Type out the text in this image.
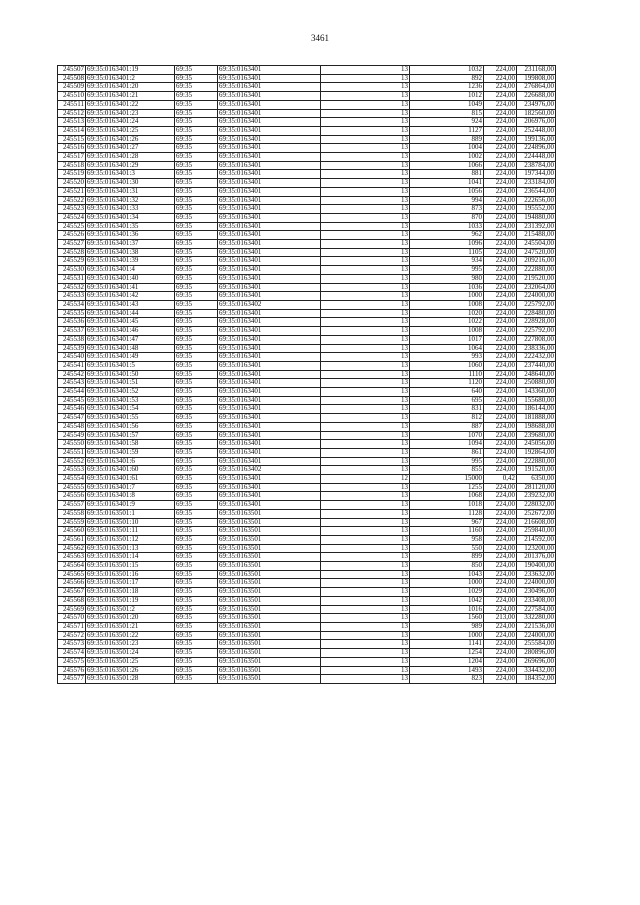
3461
245507	69:35:0163401:19	69:35	69:35:0163401	13	1032	224,00	231168,00
245508	69:35:0163401:2	69:35	69:35:0163401	13	892	224,00	199808,00
245509	69:35:0163401:20	69:35	69:35:0163401	13	1236	224,00	276864,00
245510	69:35:0163401:21	69:35	69:35:0163401	13	1012	224,00	226688,00
245511	69:35:0163401:22	69:35	69:35:0163401	13	1049	224,00	234976,00
245512	69:35:0163401:23	69:35	69:35:0163401	13	815	224,00	182560,00
245513	69:35:0163401:24	69:35	69:35:0163401	13	924	224,00	206976,00
245514	69:35:0163401:25	69:35	69:35:0163401	13	1127	224,00	252448,00
245515	69:35:0163401:26	69:35	69:35:0163401	13	889	224,00	199136,00
245516	69:35:0163401:27	69:35	69:35:0163401	13	1004	224,00	224896,00
245517	69:35:0163401:28	69:35	69:35:0163401	13	1002	224,00	224448,00
245518	69:35:0163401:29	69:35	69:35:0163401	13	1066	224,00	238784,00
245519	69:35:0163401:3	69:35	69:35:0163401	13	881	224,00	197344,00
245520	69:35:0163401:30	69:35	69:35:0163401	13	1041	224,00	233184,00
245521	69:35:0163401:31	69:35	69:35:0163401	13	1056	224,00	236544,00
245522	69:35:0163401:32	69:35	69:35:0163401	13	994	224,00	222656,00
245523	69:35:0163401:33	69:35	69:35:0163401	13	873	224,00	195552,00
245524	69:35:0163401:34	69:35	69:35:0163401	13	870	224,00	194880,00
245525	69:35:0163401:35	69:35	69:35:0163401	13	1033	224,00	231392,00
245526	69:35:0163401:36	69:35	69:35:0163401	13	962	224,00	215488,00
245527	69:35:0163401:37	69:35	69:35:0163401	13	1096	224,00	245504,00
245528	69:35:0163401:38	69:35	69:35:0163401	13	1105	224,00	247520,00
245529	69:35:0163401:39	69:35	69:35:0163401	13	934	224,00	209216,00
245530	69:35:0163401:4	69:35	69:35:0163401	13	995	224,00	222880,00
245531	69:35:0163401:40	69:35	69:35:0163401	13	980	224,00	219520,00
245532	69:35:0163401:41	69:35	69:35:0163401	13	1036	224,00	232064,00
245533	69:35:0163401:42	69:35	69:35:0163401	13	1000	224,00	224000,00
245534	69:35:0163401:43	69:35	69:35:0163402	13	1008	224,00	225792,00
245535	69:35:0163401:44	69:35	69:35:0163401	13	1020	224,00	228480,00
245536	69:35:0163401:45	69:35	69:35:0163401	13	1022	224,00	228928,00
245537	69:35:0163401:46	69:35	69:35:0163401	13	1008	224,00	225792,00
245538	69:35:0163401:47	69:35	69:35:0163401	13	1017	224,00	227808,00
245539	69:35:0163401:48	69:35	69:35:0163401	13	1064	224,00	238336,00
245540	69:35:0163401:49	69:35	69:35:0163401	13	993	224,00	222432,00
245541	69:35:0163401:5	69:35	69:35:0163401	13	1060	224,00	237440,00
245542	69:35:0163401:50	69:35	69:35:0163401	13	1110	224,00	248640,00
245543	69:35:0163401:51	69:35	69:35:0163401	13	1120	224,00	250880,00
245544	69:35:0163401:52	69:35	69:35:0163401	13	640	224,00	143360,00
245545	69:35:0163401:53	69:35	69:35:0163401	13	695	224,00	155680,00
245546	69:35:0163401:54	69:35	69:35:0163401	13	831	224,00	186144,00
245547	69:35:0163401:55	69:35	69:35:0163401	13	812	224,00	181888,00
245548	69:35:0163401:56	69:35	69:35:0163401	13	887	224,00	198688,00
245549	69:35:0163401:57	69:35	69:35:0163401	13	1070	224,00	239680,00
245550	69:35:0163401:58	69:35	69:35:0163401	13	1094	224,00	245056,00
245551	69:35:0163401:59	69:35	69:35:0163401	13	861	224,00	192864,00
245552	69:35:0163401:6	69:35	69:35:0163401	13	995	224,00	222880,00
245553	69:35:0163401:60	69:35	69:35:0163402	13	855	224,00	191520,00
245554	69:35:0163401:61	69:35	69:35:0163401	12	15000	0,42	6350,00
245555	69:35:0163401:7	69:35	69:35:0163401	13	1255	224,00	281120,00
245556	69:35:0163401:8	69:35	69:35:0163401	13	1068	224,00	239232,00
245557	69:35:0163401:9	69:35	69:35:0163401	13	1018	224,00	228032,00
245558	69:35:0163501:1	69:35	69:35:0163501	13	1128	224,00	252672,00
245559	69:35:0163501:10	69:35	69:35:0163501	13	967	224,00	216608,00
245560	69:35:0163501:11	69:35	69:35:0163501	13	1160	224,00	259840,00
245561	69:35:0163501:12	69:35	69:35:0163501	13	958	224,00	214592,00
245562	69:35:0163501:13	69:35	69:35:0163501	13	550	224,00	123200,00
245563	69:35:0163501:14	69:35	69:35:0163501	13	899	224,00	201376,00
245564	69:35:0163501:15	69:35	69:35:0163501	13	850	224,00	190400,00
245565	69:35:0163501:16	69:35	69:35:0163501	13	1043	224,00	233632,00
245566	69:35:0163501:17	69:35	69:35:0163501	13	1000	224,00	224000,00
245567	69:35:0163501:18	69:35	69:35:0163501	13	1029	224,00	230496,00
245568	69:35:0163501:19	69:35	69:35:0163501	13	1042	224,00	233408,00
245569	69:35:0163501:2	69:35	69:35:0163501	13	1016	224,00	227584,00
245570	69:35:0163501:20	69:35	69:35:0163501	13	1560	213,00	332280,00
245571	69:35:0163501:21	69:35	69:35:0163501	13	989	224,00	221536,00
245572	69:35:0163501:22	69:35	69:35:0163501	13	1000	224,00	224000,00
245573	69:35:0163501:23	69:35	69:35:0163501	13	1141	224,00	255584,00
245574	69:35:0163501:24	69:35	69:35:0163501	13	1254	224,00	280896,00
245575	69:35:0163501:25	69:35	69:35:0163501	13	1204	224,00	269696,00
245576	69:35:0163501:26	69:35	69:35:0163501	13	1493	224,00	334432,00
245577	69:35:0163501:28	69:35	69:35:0163501	13	823	224,00	184352,00
